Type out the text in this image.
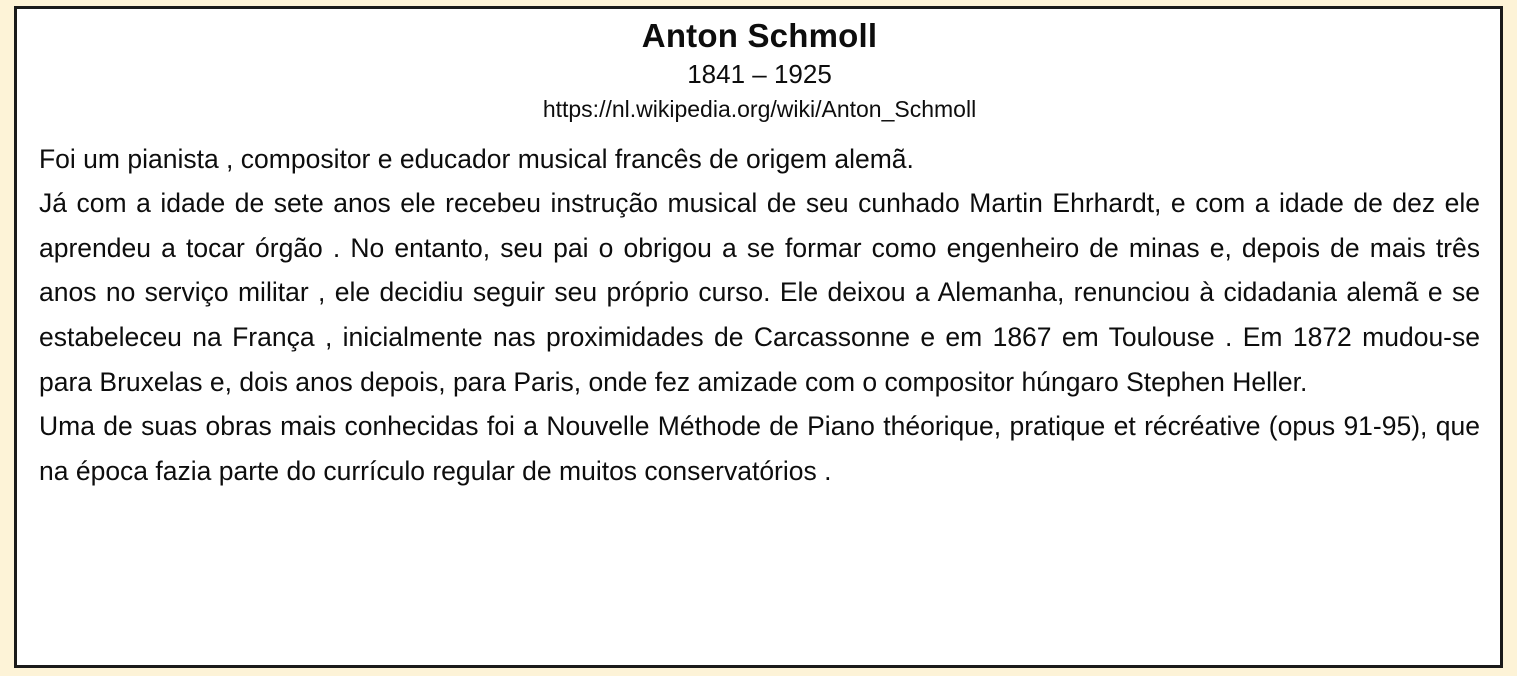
Anton Schmoll
1841 – 1925
https://nl.wikipedia.org/wiki/Anton_Schmoll

Foi um pianista , compositor e educador musical francês de origem alemã.

Já com a idade de sete anos ele recebeu instrução musical de seu cunhado Martin Ehrhardt, e com a idade de dez ele aprendeu a tocar órgão . No entanto, seu pai o obrigou a se formar como engenheiro de minas e, depois de mais três anos no serviço militar , ele decidiu seguir seu próprio curso. Ele deixou a Alemanha, renunciou à cidadania alemã e se estabeleceu na França , inicialmente nas proximidades de Carcassonne e em 1867 em Toulouse . Em 1872 mudou-se para Bruxelas e, dois anos depois, para Paris, onde fez amizade com o compositor húngaro Stephen Heller.

Uma de suas obras mais conhecidas foi a Nouvelle Méthode de Piano théorique, pratique et récréative (opus 91-95), que na época fazia parte do currículo regular de muitos conservatórios .
